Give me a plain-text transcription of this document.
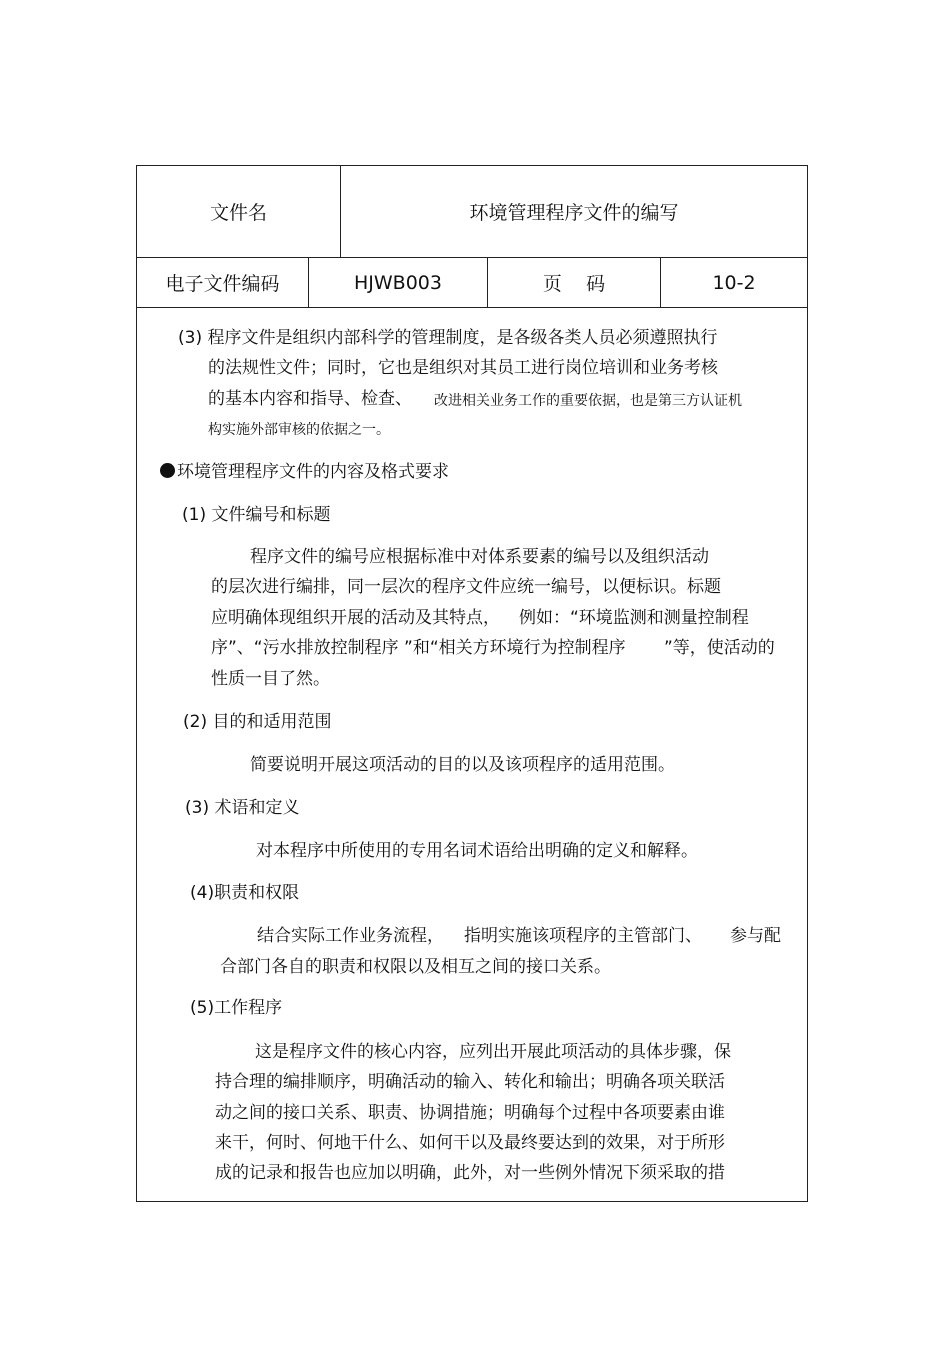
文件名	环境管理程序文件的编写
电子文件编码	HJWB003	页    码	10-2
(3) 程序文件是组织内部科学的管理制度，是各级各类人员必须遵照执行
的法规性文件；同时，它也是组织对其员工进行岗位培训和业务考核
的基本内容和指导、检查、 改进相关业务工作的重要依据，也是第三方认证机
构实施外部审核的依据之一。
环境管理程序文件的内容及格式要求
(1) 文件编号和标题
程序文件的编号应根据标准中对体系要素的编号以及组织活动
的层次进行编排，同一层次的程序文件应统一编号，以便标识。标题
应明确体现组织开展的活动及其特点， 例如：“环境监测和测量控制程
序”、“污水排放控制程序 ”和“相关方环境行为控制程序 ”等，使活动的
性质一目了然。
(2) 目的和适用范围
简要说明开展这项活动的目的以及该项程序的适用范围。
(3) 术语和定义
对本程序中所使用的专用名词术语给出明确的定义和解释。
(4)职责和权限
结合实际工作业务流程， 指明实施该项程序的主管部门、 参与配
合部门各自的职责和权限以及相互之间的接口关系。
(5)工作程序
这是程序文件的核心内容，应列出开展此项活动的具体步骤，保
持合理的编排顺序，明确活动的输入、转化和输出；明确各项关联活
动之间的接口关系、职责、协调措施；明确每个过程中各项要素由谁
来干，何时、何地干什么、如何干以及最终要达到的效果，对于所形
成的记录和报告也应加以明确，此外，对一些例外情况下须采取的措
